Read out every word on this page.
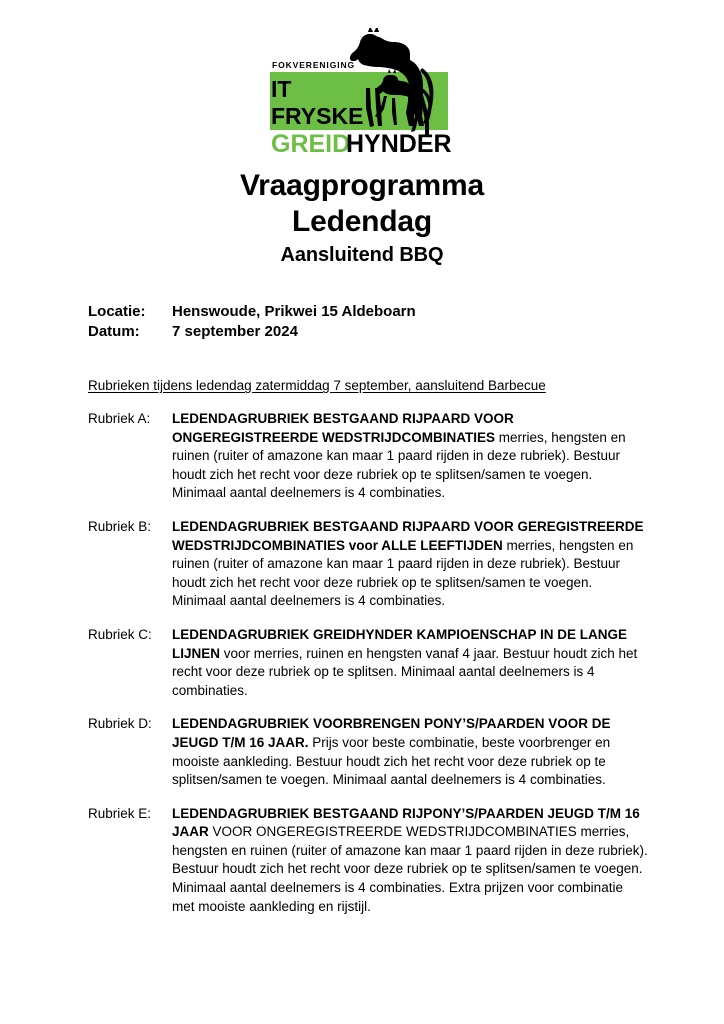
FOKVERENIGING
IT
FRYSKE
GREID
HYNDER
Vraagprogramma
Ledendag
Aansluitend BBQ
Locatie:	Henswoude, Prikwei 15 Aldeboarn
Datum:	7 september 2024
Rubrieken tijdens ledendag zatermiddag 7 september, aansluitend Barbecue
Rubriek A:	LEDENDAGRUBRIEK BESTGAAND RIJPAARD VOOR ONGEREGISTREERDE WEDSTRIJDCOMBINATIES merries, hengsten en ruinen (ruiter of amazone kan maar 1 paard rijden in deze rubriek). Bestuur houdt zich het recht voor deze rubriek op te splitsen/samen te voegen. Minimaal aantal deelnemers is 4 combinaties.
Rubriek B:	LEDENDAGRUBRIEK BESTGAAND RIJPAARD VOOR GEREGISTREERDE WEDSTRIJDCOMBINATIES voor ALLE LEEFTIJDEN merries, hengsten en ruinen (ruiter of amazone kan maar 1 paard rijden in deze rubriek). Bestuur houdt zich het recht voor deze rubriek op te splitsen/samen te voegen. Minimaal aantal deelnemers is 4 combinaties.
Rubriek C:	LEDENDAGRUBRIEK GREIDHYNDER KAMPIOENSCHAP IN DE LANGE LIJNEN voor merries, ruinen en hengsten vanaf 4 jaar. Bestuur houdt zich het recht voor deze rubriek op te splitsen. Minimaal aantal deelnemers is 4 combinaties.
Rubriek D:	LEDENDAGRUBRIEK VOORBRENGEN PONY’S/PAARDEN VOOR DE JEUGD T/M 16 JAAR. Prijs voor beste combinatie, beste voorbrenger en mooiste aankleding. Bestuur houdt zich het recht voor deze rubriek op te splitsen/samen te voegen. Minimaal aantal deelnemers is 4 combinaties.
Rubriek E:	LEDENDAGRUBRIEK BESTGAAND RIJPONY’S/PAARDEN JEUGD T/M 16 JAAR VOOR ONGEREGISTREERDE WEDSTRIJDCOMBINATIES merries, hengsten en ruinen (ruiter of amazone kan maar 1 paard rijden in deze rubriek). Bestuur houdt zich het recht voor deze rubriek op te splitsen/samen te voegen. Minimaal aantal deelnemers is 4 combinaties. Extra prijzen voor combinatie met mooiste aankleding en rijstijl.
